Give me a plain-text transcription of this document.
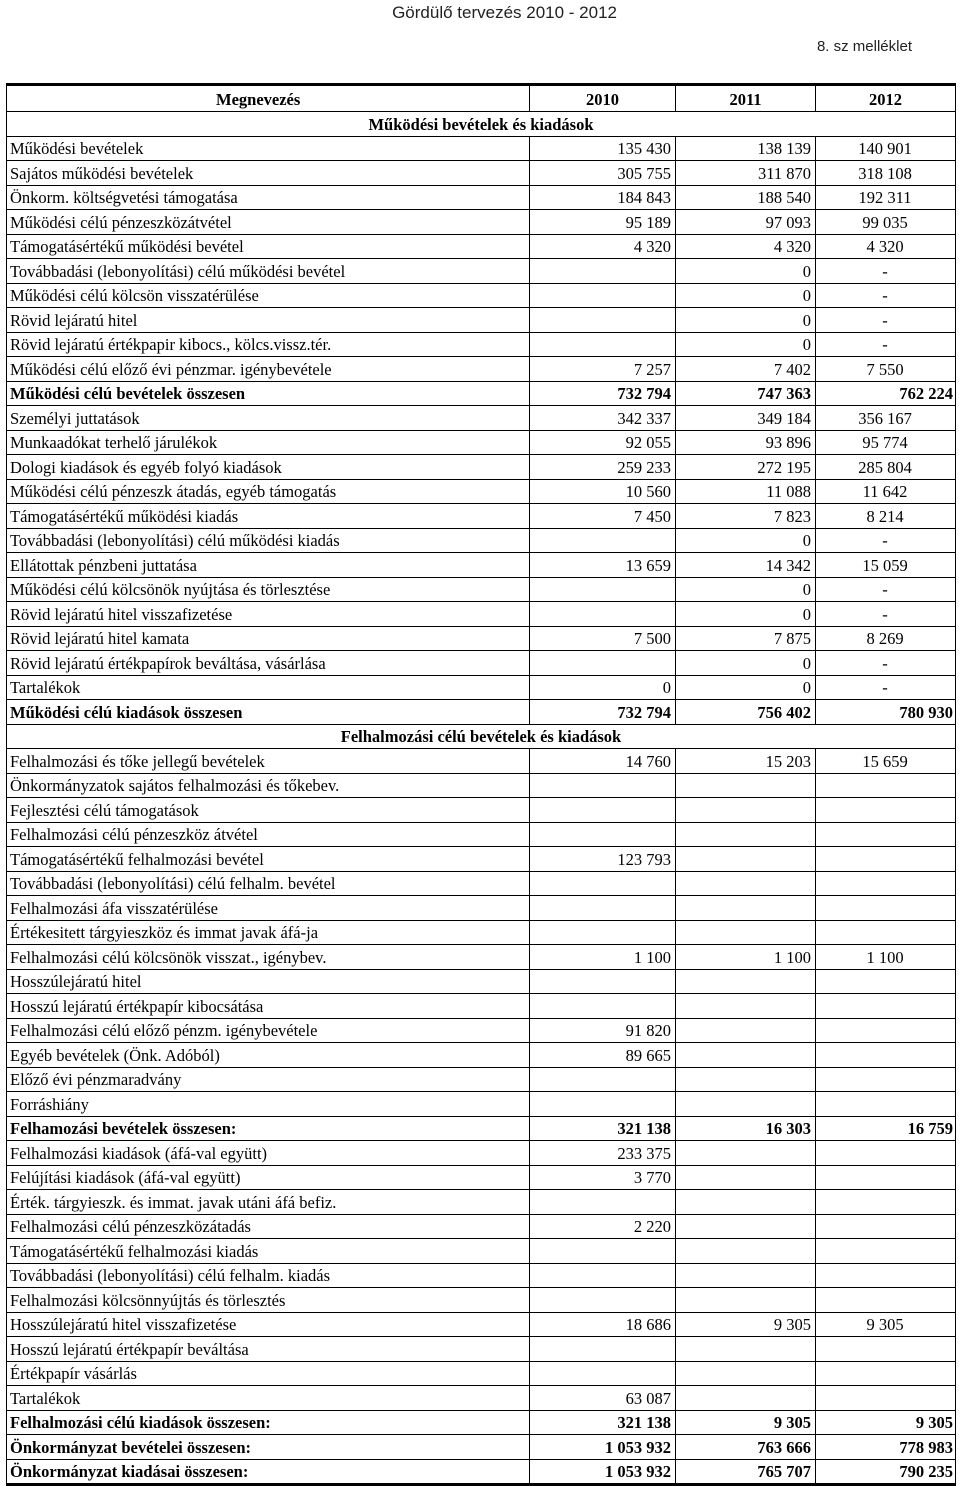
Gördülő tervezés 2010 - 2012
8. sz melléklet
Megnevezés	2010	2011	2012
Működési bevételek és kiadások			
Működési bevételek	135 430	138 139	140 901
Sajátos működési bevételek	305 755	311 870	318 108
Önkorm. költségvetési támogatása	184 843	188 540	192 311
Működési célú pénzeszközátvétel	95 189	97 093	99 035
Támogatásértékű működési bevétel	4 320	4 320	4 320
Továbbadási (lebonyolítási) célú működési bevétel		0	-
Működési célú kölcsön visszatérülése		0	-
Rövid lejáratú hitel		0	-
Rövid lejáratú értékpapir kibocs., kölcs.vissz.tér.		0	-
Működési célú előző évi pénzmar. igénybevétele	7 257	7 402	7 550
Működési célú bevételek összesen	732 794	747 363	762 224
Személyi juttatások	342 337	349 184	356 167
Munkaadókat terhelő járulékok	92 055	93 896	95 774
Dologi kiadások és egyéb folyó kiadások	259 233	272 195	285 804
Működési célú pénzeszk átadás, egyéb támogatás	10 560	11 088	11 642
Támogatásértékű működési kiadás	7 450	7 823	8 214
Továbbadási (lebonyolítási) célú működési kiadás		0	-
Ellátottak pénzbeni juttatása	13 659	14 342	15 059
Működési célú kölcsönök nyújtása és törlesztése		0	-
Rövid lejáratú hitel visszafizetése		0	-
Rövid lejáratú hitel kamata	7 500	7 875	8 269
Rövid lejáratú értékpapírok beváltása, vásárlása		0	-
Tartalékok	0	0	-
Működési célú kiadások összesen	732 794	756 402	780 930
Felhalmozási célú bevételek és kiadások			
Felhalmozási és tőke jellegű bevételek	14 760	15 203	15 659
Önkormányzatok sajátos felhalmozási és tőkebev.			
Fejlesztési célú támogatások			
Felhalmozási célú pénzeszköz átvétel			
Támogatásértékű felhalmozási bevétel	123 793		
Továbbadási (lebonyolítási) célú felhalm. bevétel			
Felhalmozási áfa visszatérülése			
Értékesitett tárgyieszköz és immat javak áfá-ja			
Felhalmozási célú kölcsönök visszat., igénybev.	1 100	1 100	1 100
Hosszúlejáratú hitel			
Hosszú lejáratú értékpapír kibocsátása			
Felhalmozási célú előző pénzm. igénybevétele	91 820		
Egyéb bevételek (Önk. Adóból)	89 665		
Előző évi pénzmaradvány			
Forráshiány			
Felhamozási bevételek összesen:	321 138	16 303	16 759
Felhalmozási kiadások (áfá-val együtt)	233 375		
Felújítási kiadások (áfá-val együtt)	3 770		
Érték. tárgyieszk. és immat. javak utáni áfá befiz.			
Felhalmozási célú pénzeszközátadás	2 220		
Támogatásértékű felhalmozási kiadás			
Továbbadási (lebonyolítási) célú felhalm. kiadás			
Felhalmozási kölcsönnyújtás és törlesztés			
Hosszúlejáratú hitel visszafizetése	18 686	9 305	9 305
Hosszú lejáratú értékpapír beváltása			
Értékpapír vásárlás			
Tartalékok	63 087		
Felhalmozási célú kiadások összesen:	321 138	9 305	9 305
Önkormányzat bevételei összesen:	1 053 932	763 666	778 983
Önkormányzat kiadásai összesen:	1 053 932	765 707	790 235
